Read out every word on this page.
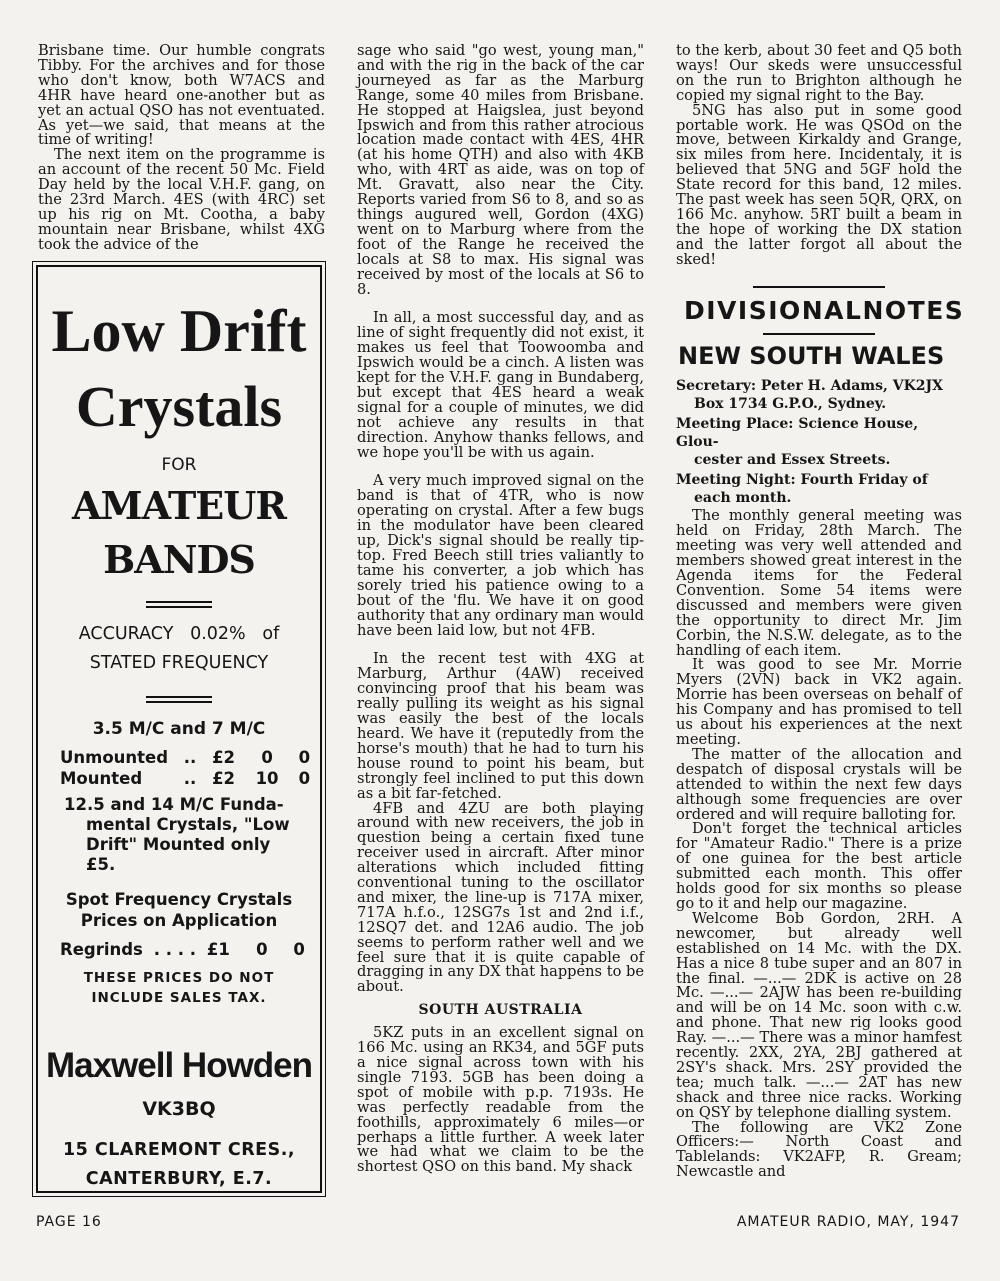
Brisbane time. Our humble congrats Tibby. For the archives and for those who don't know, both W7ACS and 4HR have heard one-another but as yet an actual QSO has not eventuated. As yet—we said, that means at the time of writing!

The next item on the programme is an account of the recent 50 Mc. Field Day held by the local V.H.F. gang, on the 23rd March. 4ES (with 4RC) set up his rig on Mt. Cootha, a baby mountain near Brisbane, whilst 4XG took the advice of the

Low Drift
Crystals
FOR
AMATEUR
BANDS
ACCURACY   0.02%   of
STATED FREQUENCY
3.5 M/C and 7 M/C
Unmounted	..	£2	0	0
Mounted	..	£2	10	0
12.5 and 14 M/C Funda-
mental Crystals, "Low
Drift" Mounted only £5.
Spot Frequency Crystals
Prices on Application
Regrinds	. . . .	£1	0	0
THESE PRICES DO NOT
INCLUDE SALES TAX.
Maxwell Howden
VK3BQ
15 CLAREMONT CRES.,
CANTERBURY, E.7.

sage who said "go west, young man," and with the rig in the back of the car journeyed as far as the Marburg Range, some 40 miles from Brisbane. He stopped at Haigslea, just beyond Ipswich and from this rather atrocious location made contact with 4ES, 4HR (at his home QTH) and also with 4KB who, with 4RT as aide, was on top of Mt. Gravatt, also near the City. Reports varied from S6 to 8, and so as things augured well, Gordon (4XG) went on to Marburg where from the foot of the Range he received the locals at S8 to max. His signal was received by most of the locals at S6 to 8.

In all, a most successful day, and as line of sight frequently did not exist, it makes us feel that Toowoomba and Ipswich would be a cinch. A listen was kept for the V.H.F. gang in Bundaberg, but except that 4ES heard a weak signal for a couple of minutes, we did not achieve any results in that direction. Anyhow thanks fellows, and we hope you'll be with us again.

A very much improved signal on the band is that of 4TR, who is now operating on crystal. After a few bugs in the modulator have been cleared up, Dick's signal should be really tip-top. Fred Beech still tries valiantly to tame his converter, a job which has sorely tried his patience owing to a bout of the 'flu. We have it on good authority that any ordinary man would have been laid low, but not 4FB.

In the recent test with 4XG at Marburg, Arthur (4AW) received convincing proof that his beam was really pulling its weight as his signal was easily the best of the locals heard. We have it (reputedly from the horse's mouth) that he had to turn his house round to point his beam, but strongly feel inclined to put this down as a bit far-fetched.

4FB and 4ZU are both playing around with new receivers, the job in question being a certain fixed tune receiver used in aircraft. After minor alterations which included fitting conventional tuning to the oscillator and mixer, the line-up is 717A mixer, 717A h.f.o., 12SG7s 1st and 2nd i.f., 12SQ7 det. and 12A6 audio. The job seems to perform rather well and we feel sure that it is quite capable of dragging in any DX that happens to be about.

SOUTH AUSTRALIA

5KZ puts in an excellent signal on 166 Mc. using an RK34, and 5GF puts a nice signal across town with his single 7193. 5GB has been doing a spot of mobile with p.p. 7193s. He was perfectly readable from the foothills, approximately 6 miles—or perhaps a little further. A week later we had what we claim to be the shortest QSO on this band. My shack

to the kerb, about 30 feet and Q5 both ways! Our skeds were unsuccessful on the run to Brighton although he copied my signal right to the Bay.

5NG has also put in some good portable work. He was QSOd on the move, between Kirkaldy and Grange, six miles from here. Incidentaly, it is believed that 5NG and 5GF hold the State record for this band, 12 miles. The past week has seen 5QR, QRX, on 166 Mc. anyhow. 5RT built a beam in the hope of working the DX station and the latter forgot all about the sked!

DIVISIONAL NOTES
NEW SOUTH WALES
Secretary: Peter H. Adams, VK2JX
Box 1734 G.P.O., Sydney.
Meeting Place: Science House, Glou-
cester and Essex Streets.
Meeting Night: Fourth Friday of
each month.

The monthly general meeting was held on Friday, 28th March. The meeting was very well attended and members showed great interest in the Agenda items for the Federal Convention. Some 54 items were discussed and members were given the opportunity to direct Mr. Jim Corbin, the N.S.W. delegate, as to the handling of each item.

It was good to see Mr. Morrie Myers (2VN) back in VK2 again. Morrie has been overseas on behalf of his Company and has promised to tell us about his experiences at the next meeting.

The matter of the allocation and despatch of disposal crystals will be attended to within the next few days although some frequencies are over ordered and will require balloting for.

Don't forget the technical articles for "Amateur Radio." There is a prize of one guinea for the best article submitted each month. This offer holds good for six months so please go to it and help our magazine.

Welcome Bob Gordon, 2RH. A newcomer, but already well established on 14 Mc. with the DX. Has a nice 8 tube super and an 807 in the final. —...— 2DK is active on 28 Mc. —...— 2AJW has been re-building and will be on 14 Mc. soon with c.w. and phone. That new rig looks good Ray. —...— There was a minor hamfest recently. 2XX, 2YA, 2BJ gathered at 2SY's shack. Mrs. 2SY provided the tea; much talk. —...— 2AT has new shack and three nice racks. Working on QSY by telephone dialling system.

The following are VK2 Zone Officers:— North Coast and Tablelands: VK2AFP, R. Gream; Newcastle and

PAGE 16	AMATEUR RADIO, MAY, 1947
